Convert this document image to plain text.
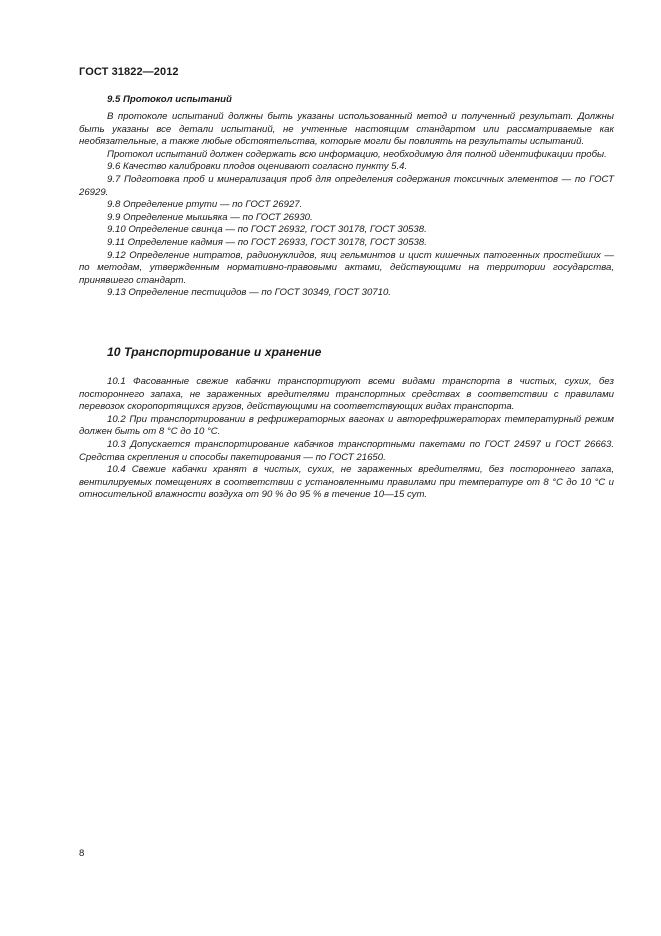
ГОСТ 31822—2012
9.5 Протокол испытаний

В протоколе испытаний должны быть указаны использованный метод и полученный результат. Должны быть указаны все детали испытаний, не учтенные настоящим стандартом или рассматриваемые как необязательные, а также любые обстоятельства, которые могли бы повлиять на результаты испытаний.

Протокол испытаний должен содержать всю информацию, необходимую для полной идентификации пробы.

9.6 Качество калибровки плодов оценивают согласно пункту 5.4.

9.7 Подготовка проб и минерализация проб для определения содержания токсичных элементов — по ГОСТ 26929.

9.8 Определение ртути — по ГОСТ 26927.

9.9 Определение мышьяка — по ГОСТ 26930.

9.10 Определение свинца — по ГОСТ 26932, ГОСТ 30178, ГОСТ 30538.

9.11 Определение кадмия — по ГОСТ 26933, ГОСТ 30178, ГОСТ 30538.

9.12 Определение нитратов, радионуклидов, яиц гельминтов и цист кишечных патогенных простейших — по методам, утвержденным нормативно-правовыми актами, действующими на территории государства, принявшего стандарт.

9.13 Определение пестицидов — по ГОСТ 30349, ГОСТ 30710.

10 Транспортирование и хранение

10.1 Фасованные свежие кабачки транспортируют всеми видами транспорта в чистых, сухих, без постороннего запаха, не зараженных вредителями транспортных средствах в соответствии с правилами перевозок скоропортящихся грузов, действующими на соответствующих видах транспорта.

10.2 При транспортировании в рефрижераторных вагонах и авторефрижераторах температурный режим должен быть от 8 °С до 10 °С.

10.3 Допускается транспортирование кабачков транспортными пакетами по ГОСТ 24597 и ГОСТ 26663. Средства скрепления и способы пакетирования — по ГОСТ 21650.

10.4 Свежие кабачки хранят в чистых, сухих, не зараженных вредителями, без постороннего запаха, вентилируемых помещениях в соответствии с установленными правилами при температуре от 8 °С до 10 °С и относительной влажности воздуха от 90 % до 95 % в течение 10—15 сут.

8
